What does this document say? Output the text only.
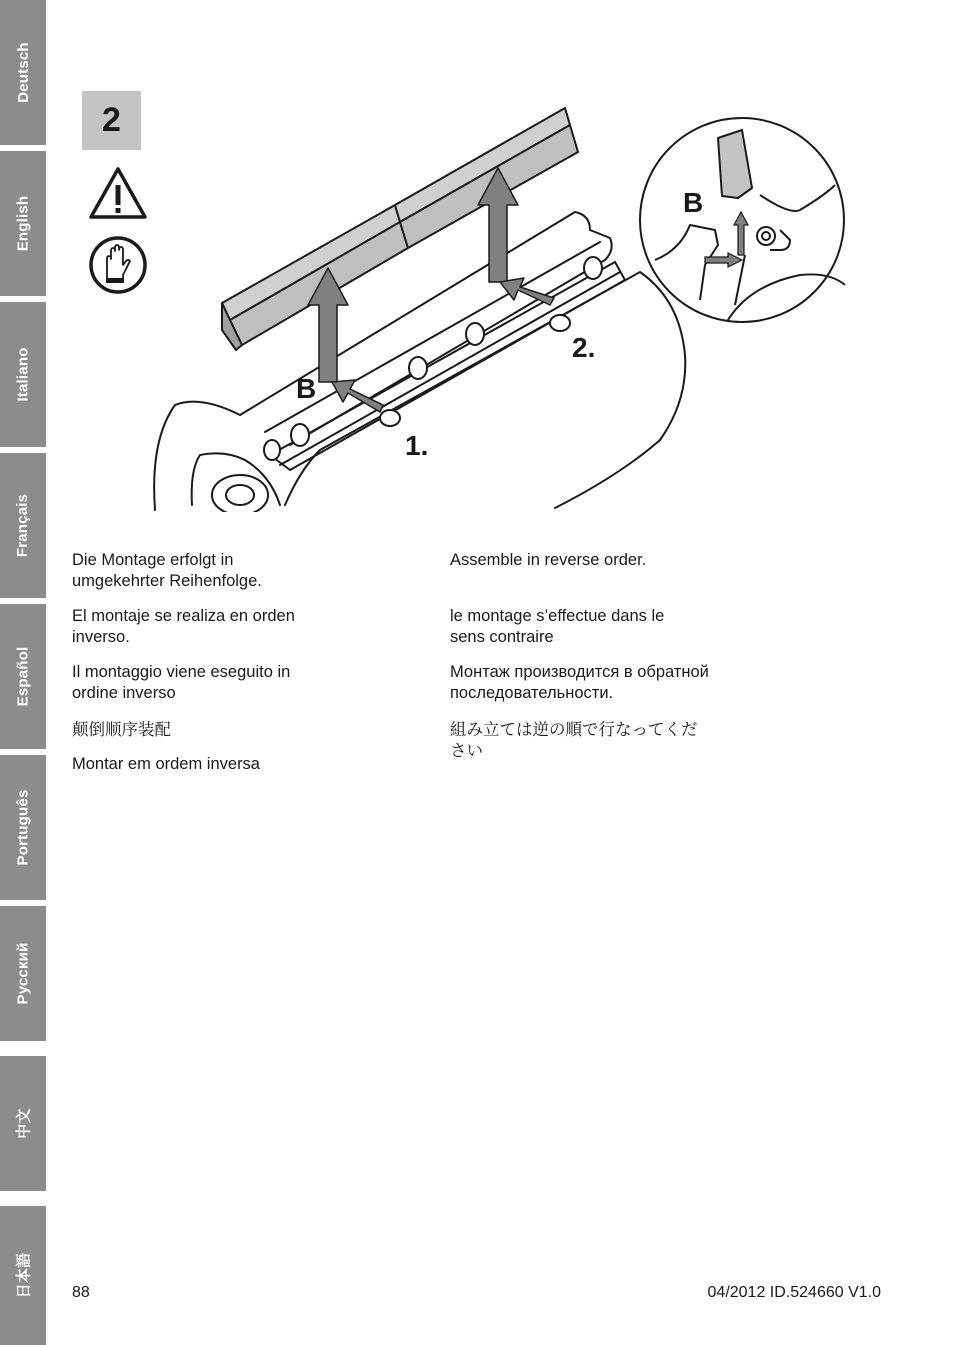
Deutsch
English
Italiano
Français
Español
Português
Русский
中文
日本語
2
B
B
1.
2.
Die Montage erfolgt in umgekehrter Reihenfolge.
Assemble in reverse order.
El montaje se realiza en orden inverso.
le montage s’effectue dans le sens contraire
Il montaggio viene eseguito in ordine inverso
Монтаж производится в обратной последовательности.
颠倒顺序装配	組み立ては逆の順で行なってください
Montar em ordem inversa
88	04/2012 ID.524660 V1.0
